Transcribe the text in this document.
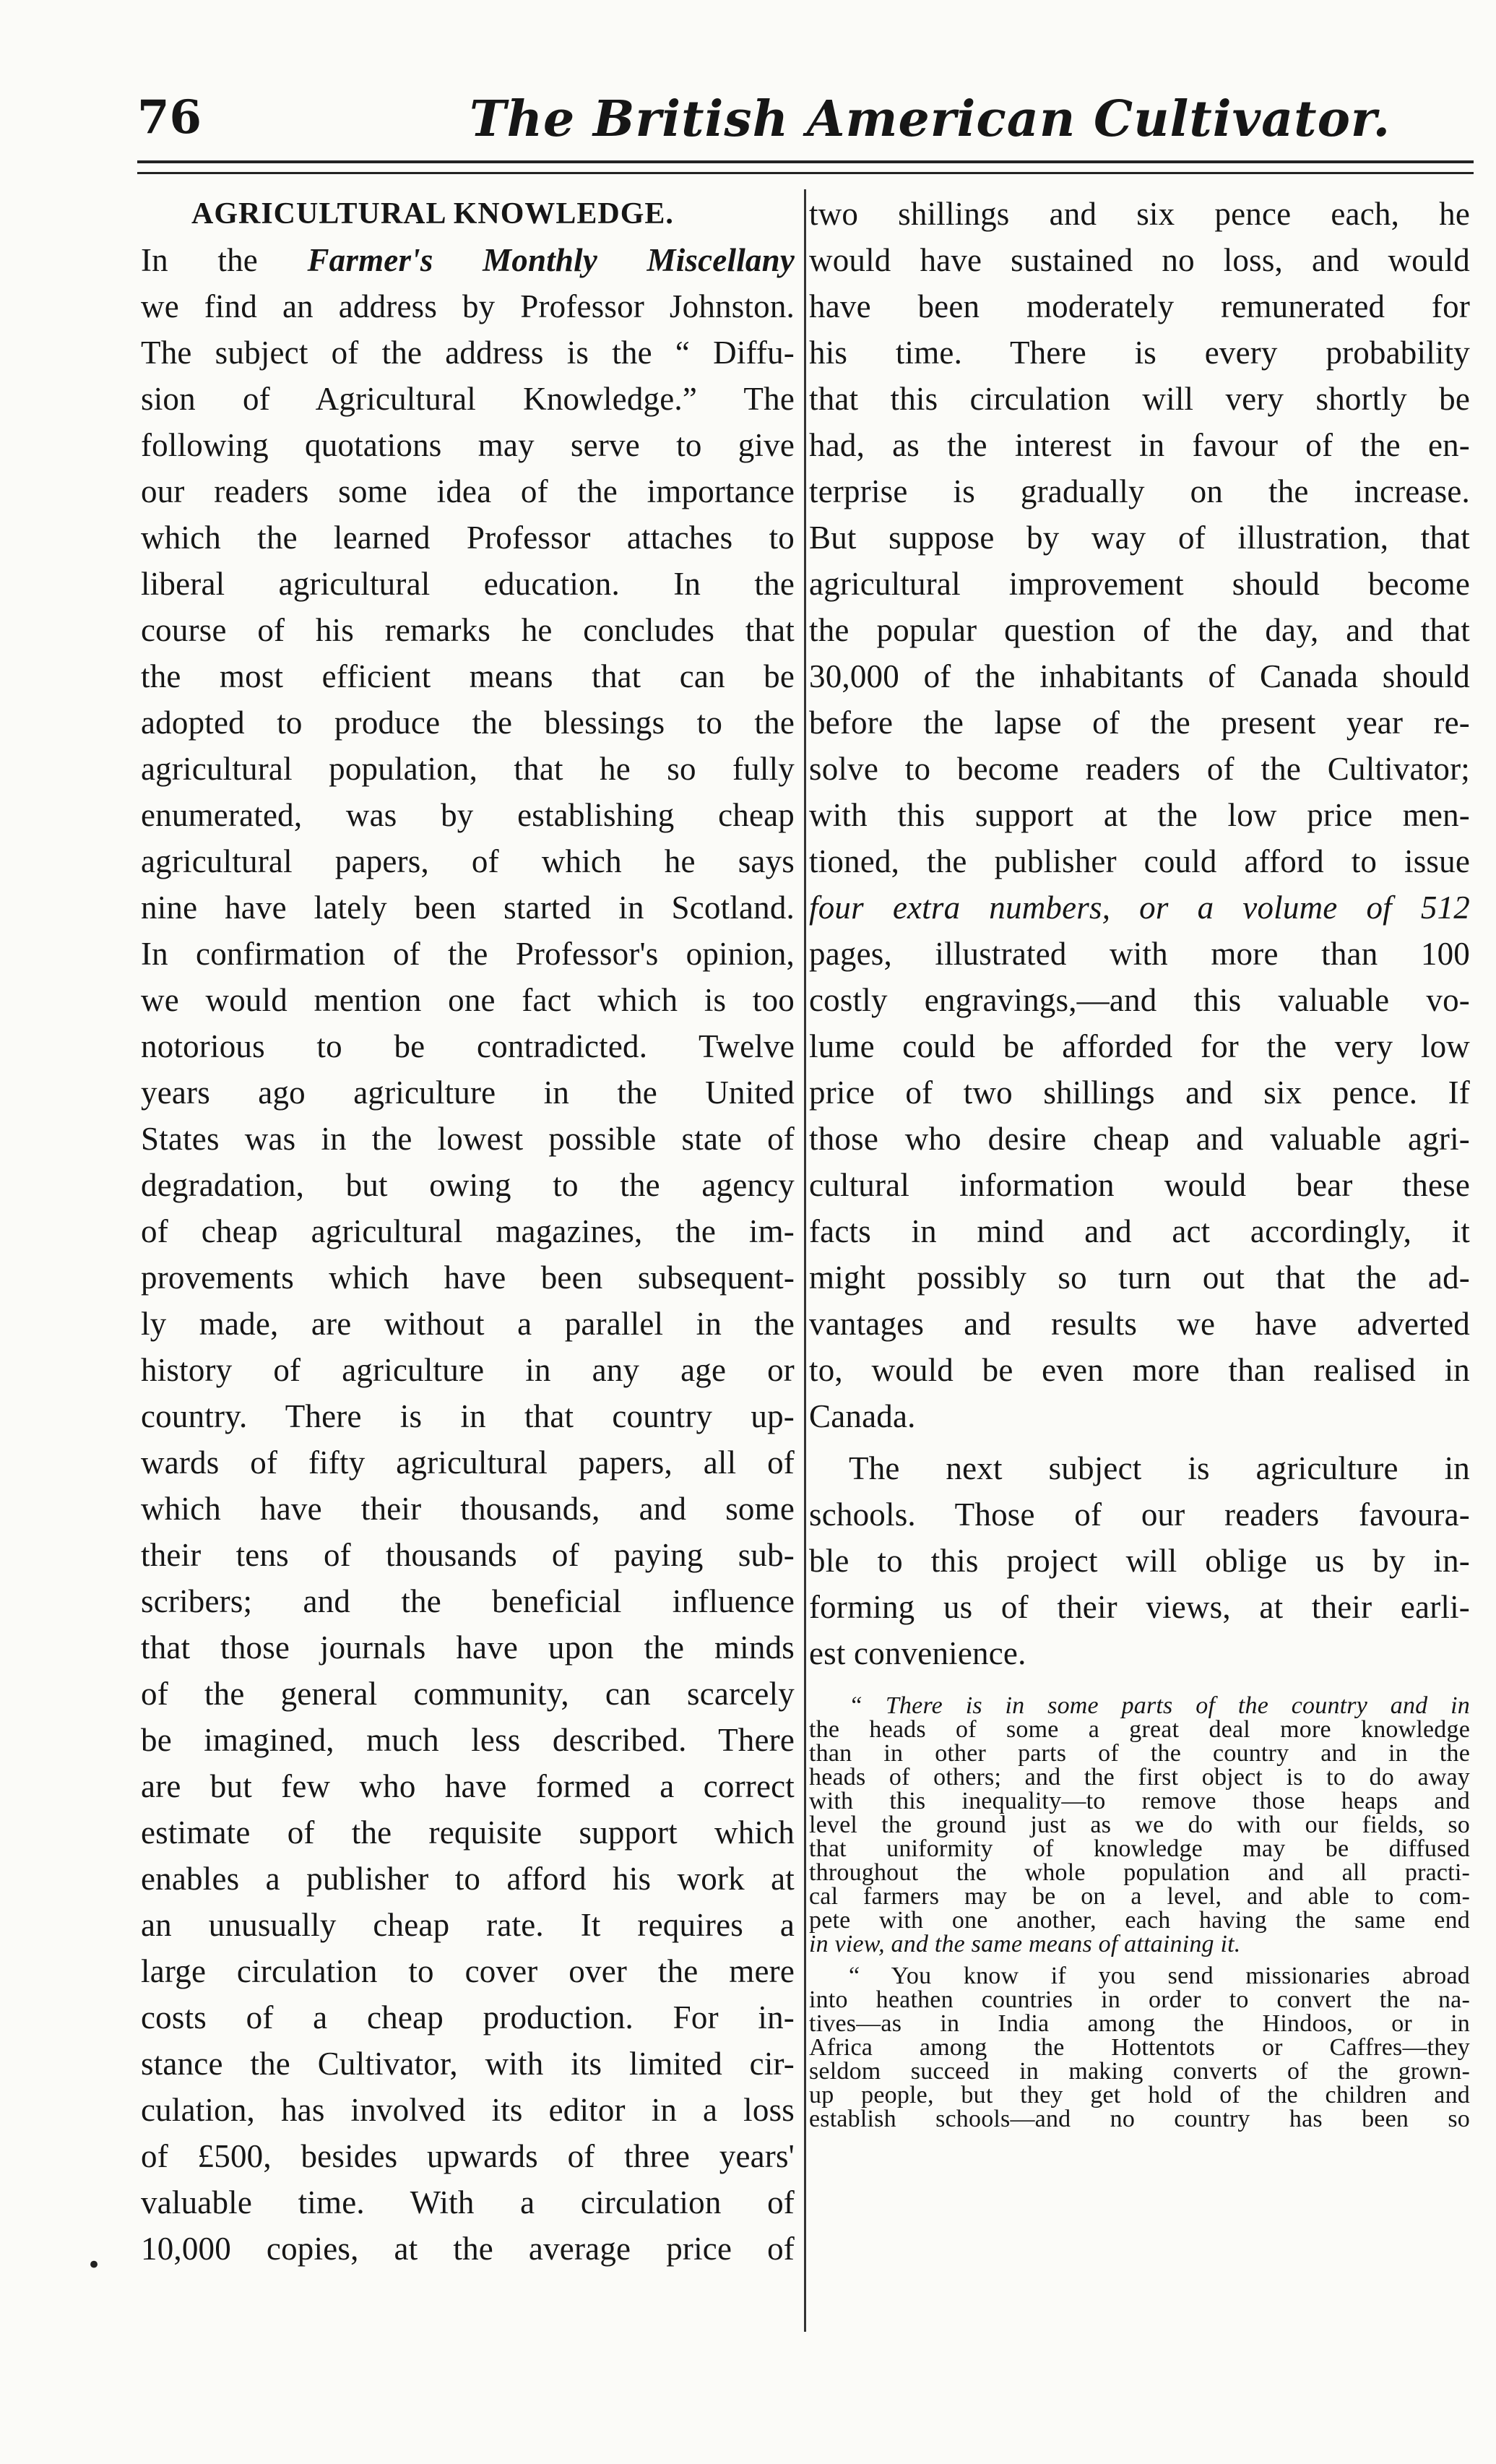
76	The British American Cultivator.
AGRICULTURAL KNOWLEDGE.
In the Farmer's Monthly Miscellany
we find an address by Professor Johnston.
The subject of the address is the “ Diffu-
sion of Agricultural Knowledge.” The
following quotations may serve to give
our readers some idea of the importance
which the learned Professor attaches to
liberal agricultural education. In the
course of his remarks he concludes that
the most efficient means that can be
adopted to produce the blessings to the
agricultural population, that he so fully
enumerated, was by establishing cheap
agricultural papers, of which he says
nine have lately been started in Scotland.
In confirmation of the Professor's opinion,
we would mention one fact which is too
notorious to be contradicted. Twelve
years ago agriculture in the United
States was in the lowest possible state of
degradation, but owing to the agency
of cheap agricultural magazines, the im-
provements which have been subsequent-
ly made, are without a parallel in the
history of agriculture in any age or
country. There is in that country up-
wards of fifty agricultural papers, all of
which have their thousands, and some
their tens of thousands of paying sub-
scribers; and the beneficial influence
that those journals have upon the minds
of the general community, can scarcely
be imagined, much less described. There
are but few who have formed a correct
estimate of the requisite support which
enables a publisher to afford his work at
an unusually cheap rate. It requires a
large circulation to cover over the mere
costs of a cheap production. For in-
stance the Cultivator, with its limited cir-
culation, has involved its editor in a loss
of £500, besides upwards of three years'
valuable time. With a circulation of
10,000 copies, at the average price of
two shillings and six pence each, he
would have sustained no loss, and would
have been moderately remunerated for
his time. There is every probability
that this circulation will very shortly be
had, as the interest in favour of the en-
terprise is gradually on the increase.
But suppose by way of illustration, that
agricultural improvement should become
the popular question of the day, and that
30,000 of the inhabitants of Canada should
before the lapse of the present year re-
solve to become readers of the Cultivator;
with this support at the low price men-
tioned, the publisher could afford to issue
four extra numbers, or a volume of 512
pages, illustrated with more than 100
costly engravings,—and this valuable vo-
lume could be afforded for the very low
price of two shillings and six pence. If
those who desire cheap and valuable agri-
cultural information would bear these
facts in mind and act accordingly, it
might possibly so turn out that the ad-
vantages and results we have adverted
to, would be even more than realised in
Canada.
The next subject is agriculture in
schools. Those of our readers favoura-
ble to this project will oblige us by in-
forming us of their views, at their earli-
est convenience.
“ There is in some parts of the country and in
the heads of some a great deal more knowledge
than in other parts of the country and in the
heads of others; and the first object is to do away
with this inequality—to remove those heaps and
level the ground just as we do with our fields, so
that uniformity of knowledge may be diffused
throughout the whole population and all practi-
cal farmers may be on a level, and able to com-
pete with one another, each having the same end
in view, and the same means of attaining it.
“ You know if you send missionaries abroad
into heathen countries in order to convert the na-
tives—as in India among the Hindoos, or in
Africa among the Hottentots or Caffres—they
seldom succeed in making converts of the grown-
up people, but they get hold of the children and
establish schools—and no country has been so
•
